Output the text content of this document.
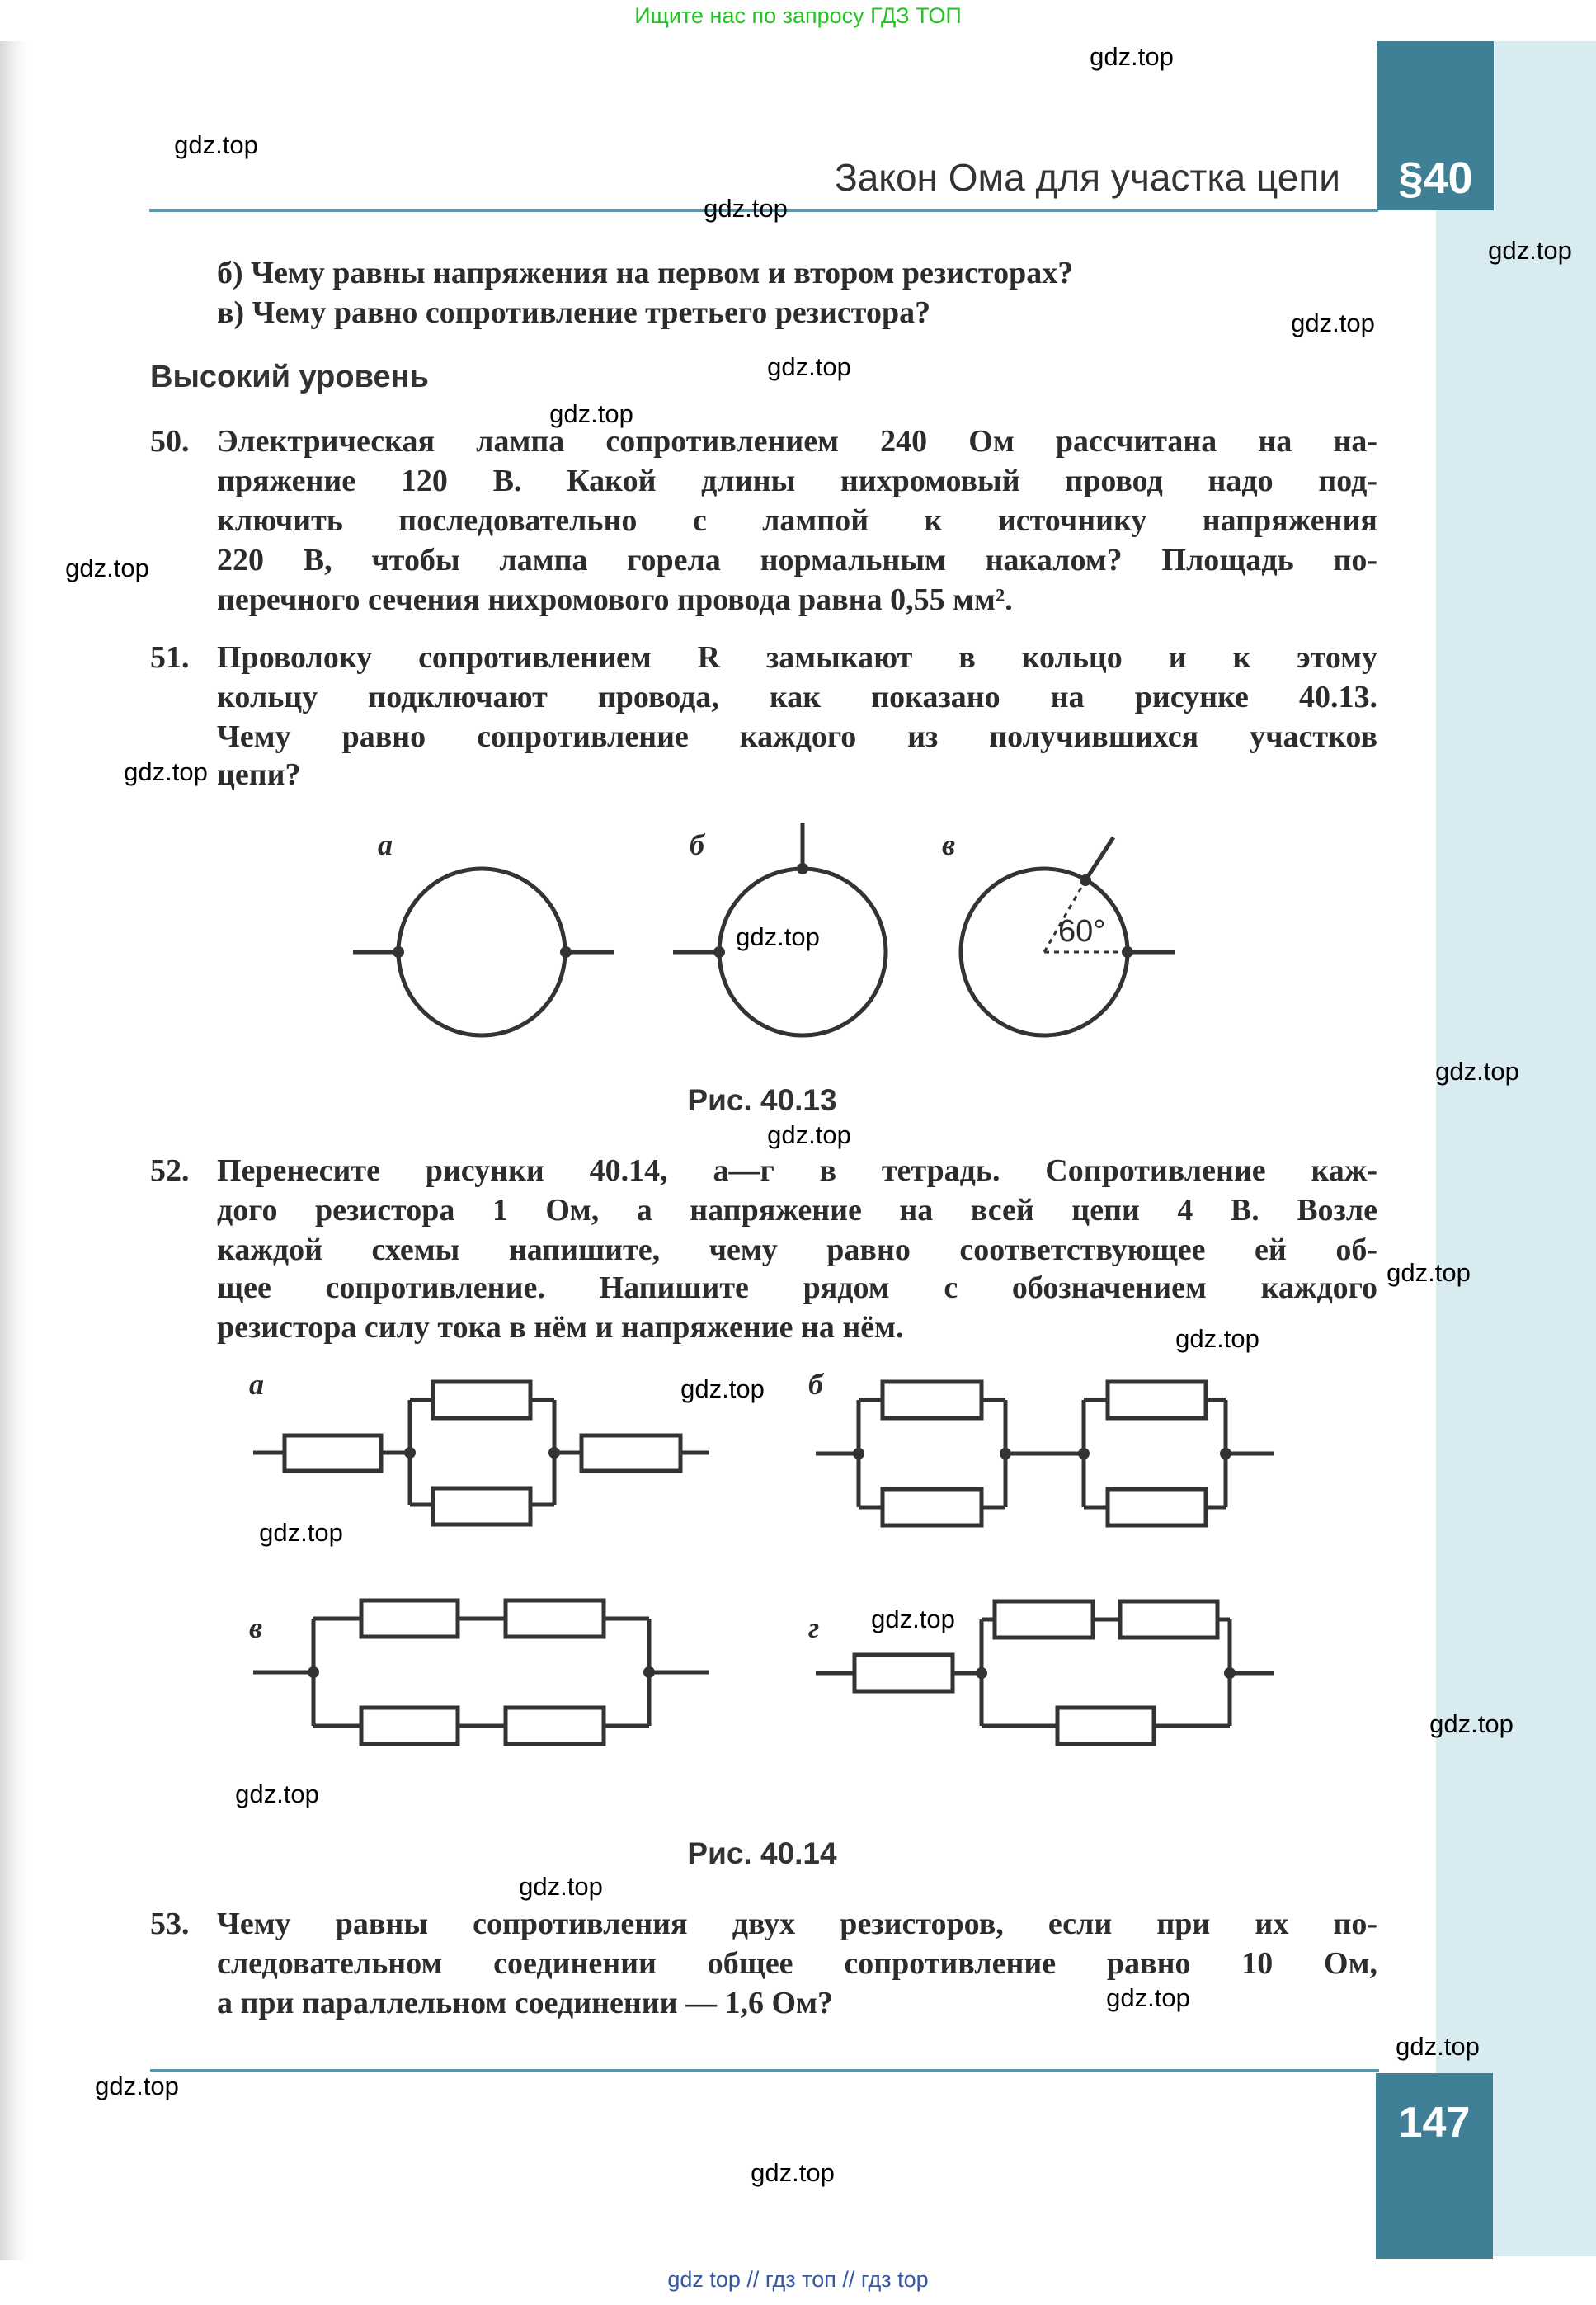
Ищите нас по запросу ГДЗ ТОП
§40
Закон Ома для участка цепи
б) Чему равны напряжения на первом и втором резисторах?
в) Чему равно сопротивление третьего резистора?
Высокий уровень
50. Электрическая лампа сопротивлением 240 Ом рассчитана на на-
пряжение 120 В. Какой длины нихромовый провод надо под-
ключить последовательно с лампой к источнику напряжения
220 В, чтобы лампа горела нормальным накалом? Площадь по-
перечного сечения нихромового провода равна 0,55 мм².
51. Проволоку сопротивлением R замыкают в кольцо и к этому
кольцу подключают провода, как показано на рисунке 40.13.
Чему равно сопротивление каждого из получившихся участков
цепи?
а	б	в
60°
Рис. 40.13
52. Перенесите рисунки 40.14, а—г в тетрадь. Сопротивление каж-
дого резистора 1 Ом, а напряжение на всей цепи 4 В. Возле
каждой схемы напишите, чему равно соответствующее ей об-
щее сопротивление. Напишите рядом с обозначением каждого
резистора силу тока в нём и напряжение на нём.
а	б
в	г
Рис. 40.14
53. Чему равны сопротивления двух резисторов, если при их по-
следовательном соединении общее сопротивление равно 10 Ом,
а при параллельном соединении — 1,6 Ом?
147
gdz.top
gdz.top
gdz.top
gdz.top
gdz.top
gdz.top
gdz.top
gdz.top
gdz.top
gdz.top
gdz.top
gdz.top
gdz.top
gdz.top
gdz.top
gdz.top
gdz.top
gdz.top
gdz.top
gdz.top
gdz.top
gdz.top
gdz.top
gdz.top
gdz top // гдз топ // гдз top
